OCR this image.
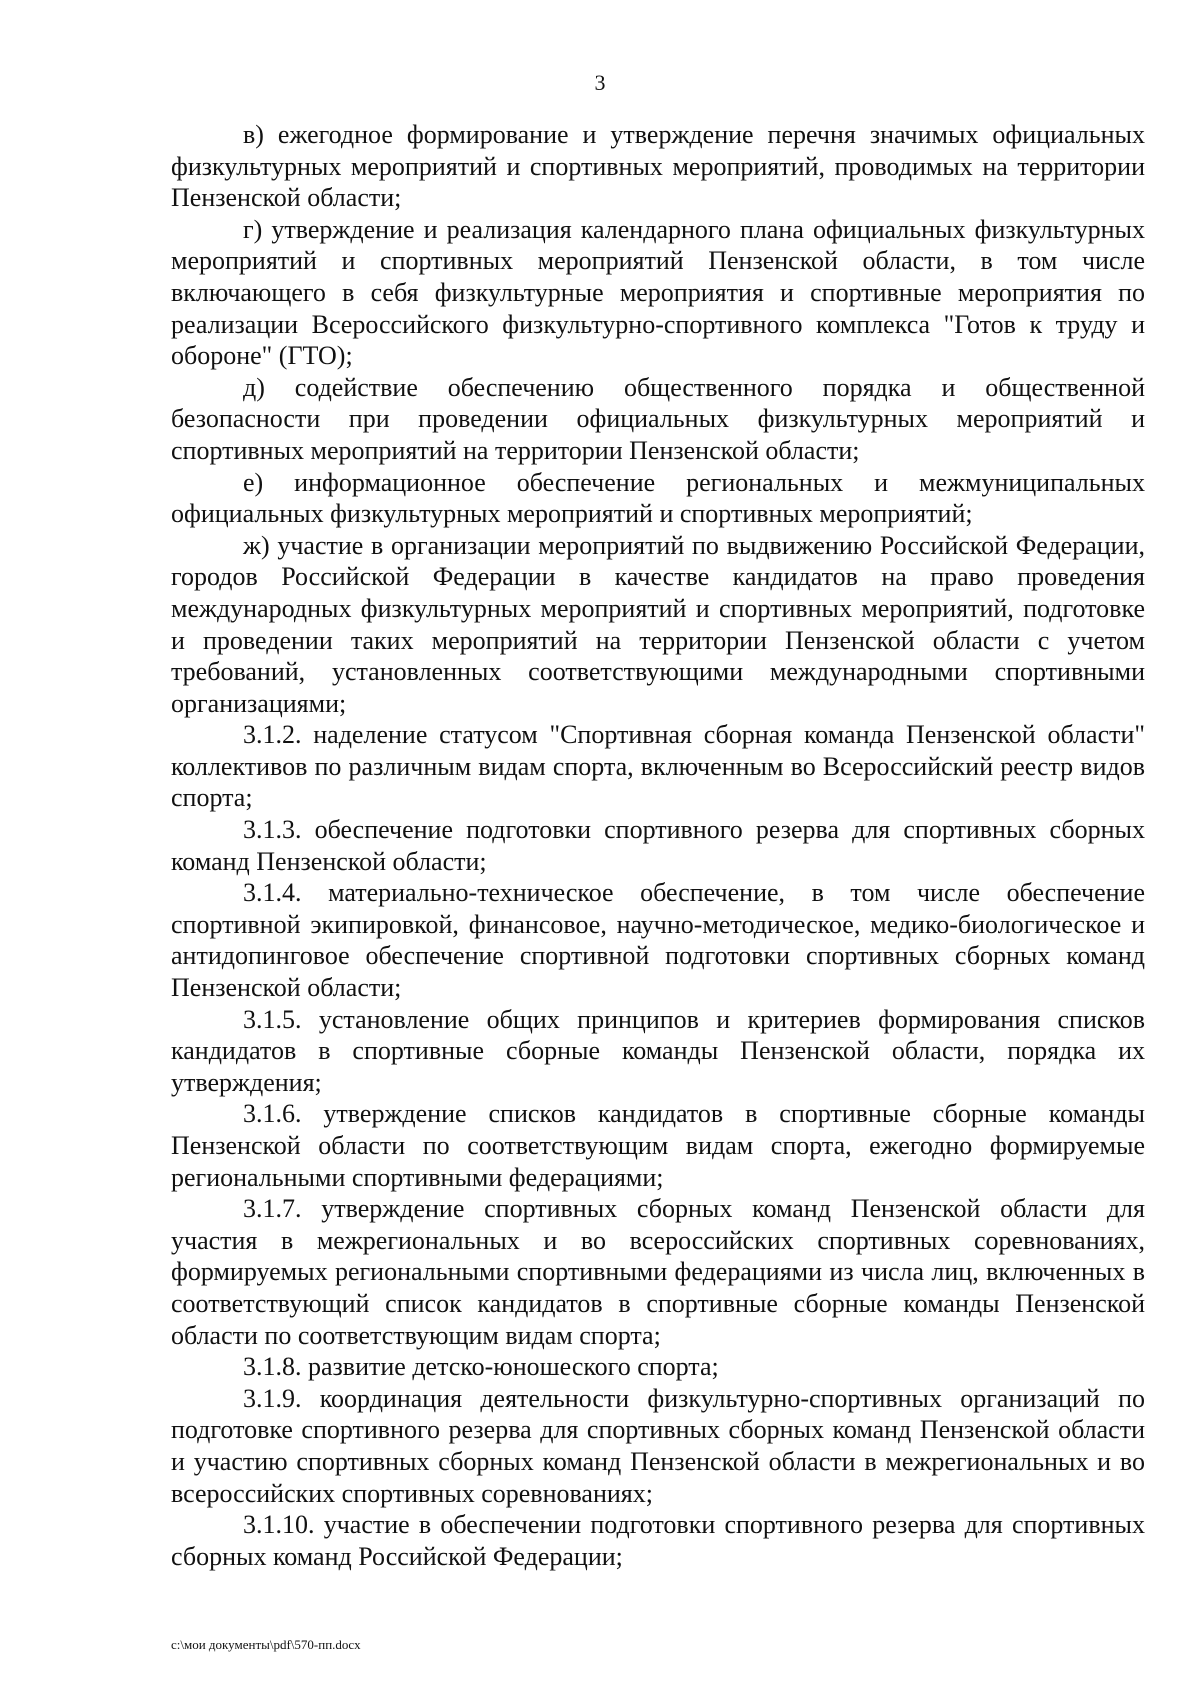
3

в) ежегодное формирование и утверждение перечня значимых официальных физкультурных мероприятий и спортивных мероприятий, проводимых на территории Пензенской области;

г) утверждение и реализация календарного плана официальных физкультурных мероприятий и спортивных мероприятий Пензенской области, в том числе включающего в себя физкультурные мероприятия и спортивные мероприятия по реализации Всероссийского физкультурно-спортивного комплекса "Готов к труду и обороне" (ГТО);

д) содействие обеспечению общественного порядка и общественной безопасности при проведении официальных физкультурных мероприятий и спортивных мероприятий на территории Пензенской области;

е) информационное обеспечение региональных и межмуниципальных официальных физкультурных мероприятий и спортивных мероприятий;

ж) участие в организации мероприятий по выдвижению Российской Федерации, городов Российской Федерации в качестве кандидатов на право проведения международных физкультурных мероприятий и спортивных мероприятий, подготовке и проведении таких мероприятий на территории Пензенской области с учетом требований, установленных соответствующими международными спортивными организациями;

3.1.2. наделение статусом "Спортивная сборная команда Пензенской области" коллективов по различным видам спорта, включенным во Всероссийский реестр видов спорта;

3.1.3. обеспечение подготовки спортивного резерва для спортивных сборных команд Пензенской области;

3.1.4. материально-техническое обеспечение, в том числе обеспечение спортивной экипировкой, финансовое, научно-методическое, медико-биологическое и антидопинговое обеспечение спортивной подготовки спортивных сборных команд Пензенской области;

3.1.5. установление общих принципов и критериев формирования списков кандидатов в спортивные сборные команды Пензенской области, порядка их утверждения;

3.1.6. утверждение списков кандидатов в спортивные сборные команды Пензенской области по соответствующим видам спорта, ежегодно формируемые региональными спортивными федерациями;

3.1.7. утверждение спортивных сборных команд Пензенской области для участия в межрегиональных и во всероссийских спортивных соревнованиях, формируемых региональными спортивными федерациями из числа лиц, включенных в соответствующий список кандидатов в спортивные сборные команды Пензенской области по соответствующим видам спорта;

3.1.8. развитие детско-юношеского спорта;

3.1.9. координация деятельности физкультурно-спортивных организаций по подготовке спортивного резерва для спортивных сборных команд Пензенской области и участию спортивных сборных команд Пензенской области в межрегиональных и во всероссийских спортивных соревнованиях;

3.1.10. участие в обеспечении подготовки спортивного резерва для спортивных сборных команд Российской Федерации;

c:\мои документы\pdf\570-пп.docx
